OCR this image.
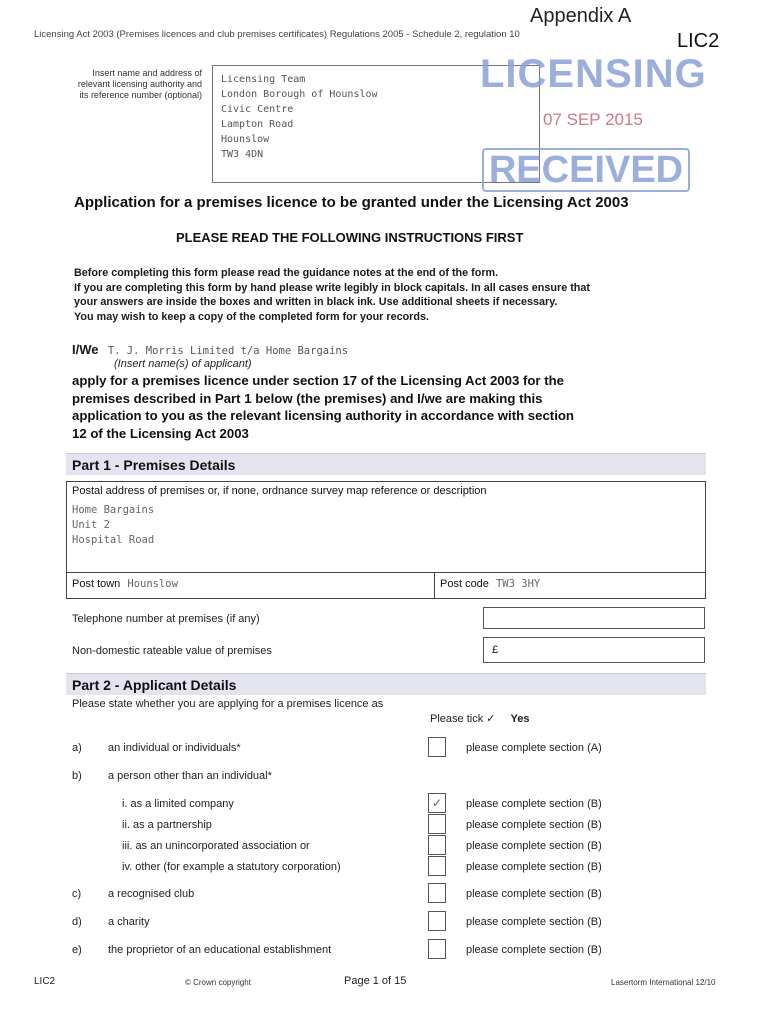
Appendix A
LIC2
Licensing Act 2003 (Premises licences and club premises certificates) Regulations 2005 - Schedule 2, regulation 10
Insert name and address of relevant licensing authority and its reference number (optional)
Licensing Team
London Borough of Hounslow
Civic Centre
Lampton Road
Hounslow
TW3 4DN
LICENSING
07 SEP 2015
RECEIVED
Application for a premises licence to be granted under the Licensing Act 2003
PLEASE READ THE FOLLOWING INSTRUCTIONS FIRST
Before completing this form please read the guidance notes at the end of the form.
If you are completing this form by hand please write legibly in block capitals. In all cases ensure that
your answers are inside the boxes and written in black ink. Use additional sheets if necessary.
You may wish to keep a copy of the completed form for your records.
I/We T. J. Morris Limited t/a Home Bargains
(Insert name(s) of applicant)
apply for a premises licence under section 17 of the Licensing Act 2003 for the
premises described in Part 1 below (the premises) and I/we are making this
application to you as the relevant licensing authority in accordance with section
12 of the Licensing Act 2003
Part 1 - Premises Details
Postal address of premises or, if none, ordnance survey map reference or description
Home Bargains
Unit 2
Hospital Road
Post town Hounslow	Post code TW3 3HY
Telephone number at premises (if any)
Non-domestic rateable value of premises	£
Part 2 - Applicant Details
Please state whether you are applying for a premises licence as
Please tick ✓ Yes
a) an individual or individuals*	please complete section (A)
b) a person other than an individual*
i. as a limited company	✓	please complete section (B)
ii. as a partnership	please complete section (B)
iii. as an unincorporated association or	please complete section (B)
iv. other (for example a statutory corporation)	please complete section (B)
c) a recognised club	please complete section (B)
d) a charity	please complete section (B)
e) the proprietor of an educational establishment	please complete section (B)
LIC2	© Crown copyright	Page 1 of 15	Lasertorm International 12/10
